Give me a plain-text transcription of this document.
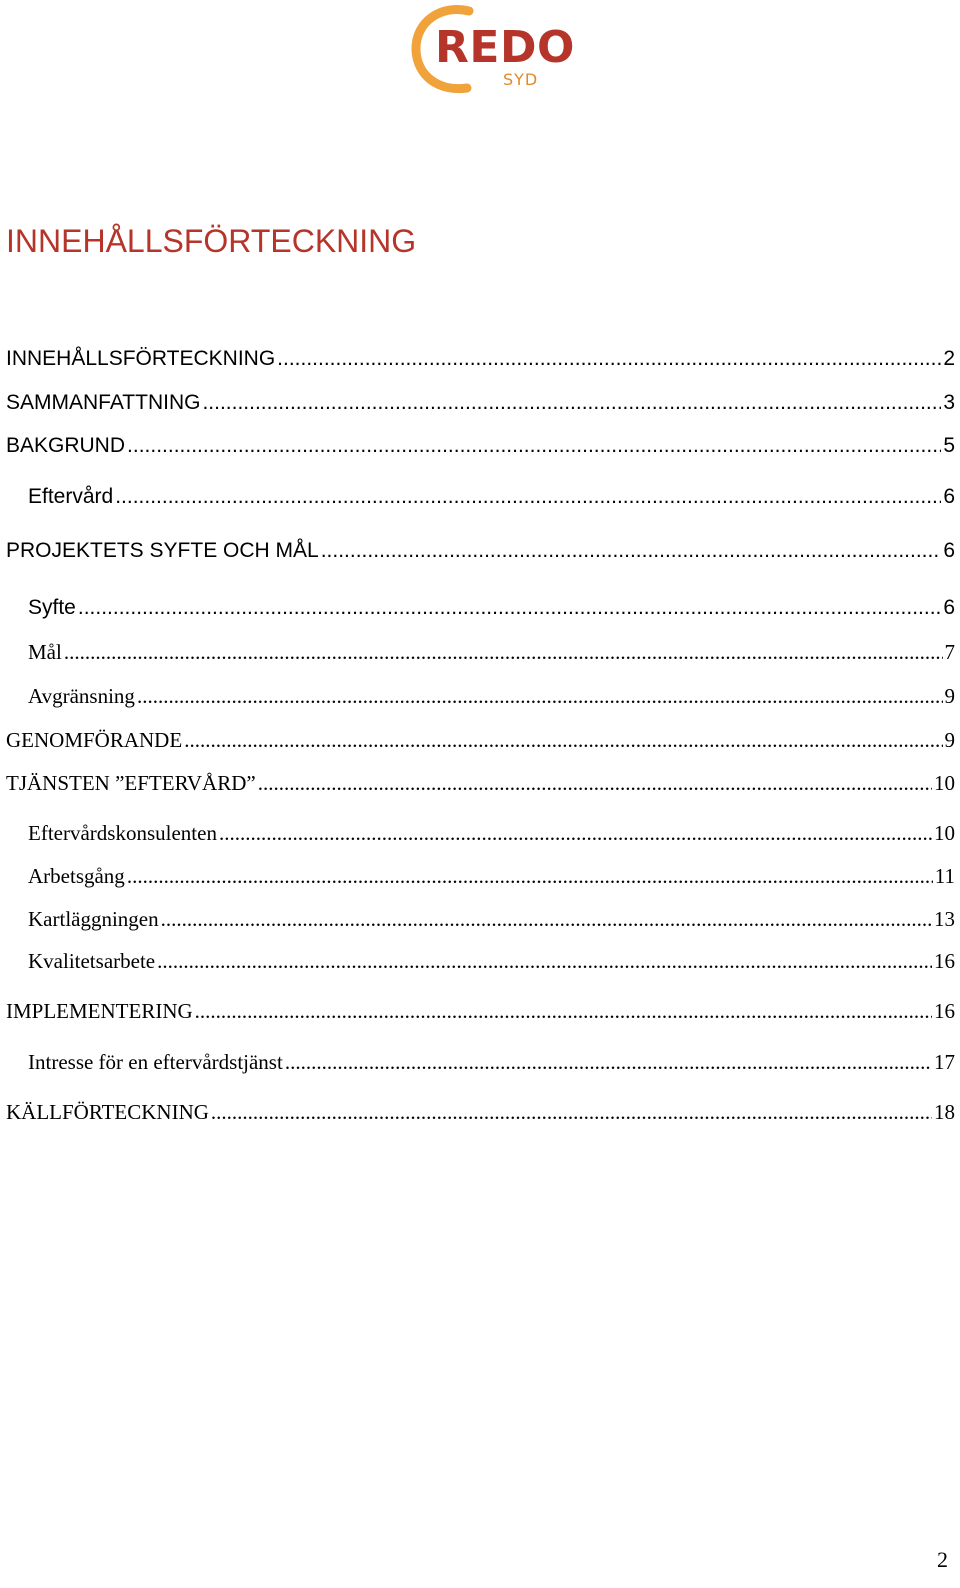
REDO
SYD
INNEHÅLLSFÖRTECKNING
INNEHÅLLSFÖRTECKNING .....	2
SAMMANFATTNING .....	3
BAKGRUND .....	5
Eftervård .....	6
PROJEKTETS SYFTE OCH MÅL .....	6
Syfte .....	6
Mål .....	7
Avgränsning .....	9
GENOMFÖRANDE .....	9
TJÄNSTEN ”EFTERVÅRD” .....	10
Eftervårdskonsulenten .....	10
Arbetsgång .....	11
Kartläggningen .....	13
Kvalitetsarbete .....	16
IMPLEMENTERING .....	16
Intresse för en eftervårdstjänst .....	17
KÄLLFÖRTECKNING .....	18
2
